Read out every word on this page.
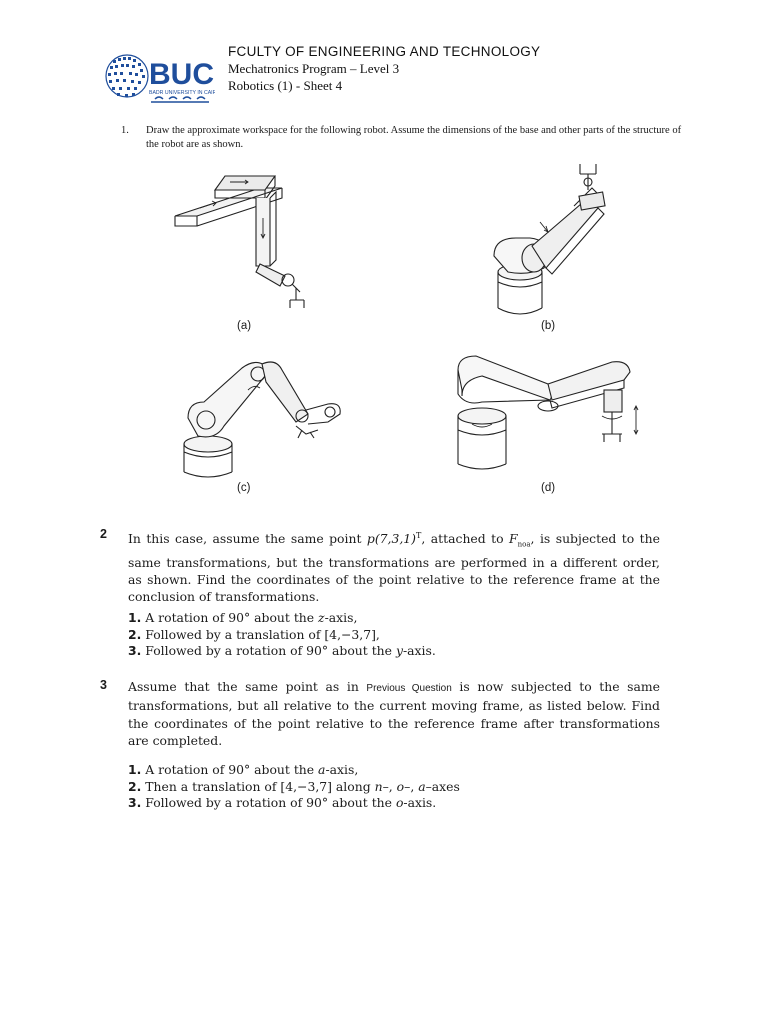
BUC
BADR UNIVERSITY IN CAIRO
FCULTY OF ENGINEERING AND TECHNOLOGY
Mechatronics Program – Level 3
Robotics (1) - Sheet 4
1. Draw the approximate workspace for the following robot. Assume the dimensions of the base and other parts of the structure of the robot are as shown.
(a)	(b)
(c)	(d)
2 In this case, assume the same point $p(7,3,1)^T$, attached to $F_{noa}$, is subjected to the same transformations, but the transformations are performed in a different order, as shown. Find the coordinates of the point relative to the reference frame at the conclusion of transformations.

1. A rotation of 90° about the z-axis,
2. Followed by a translation of [4,−3,7],
3. Followed by a rotation of 90° about the y-axis.
3 Assume that the same point as in Previous Question is now subjected to the same transformations, but all relative to the current moving frame, as listed below. Find the coordinates of the point relative to the reference frame after transformations are completed.

1. A rotation of 90° about the a-axis,
2. Then a translation of [4,−3,7] along n–, o–, a–axes
3. Followed by a rotation of 90° about the o-axis.
